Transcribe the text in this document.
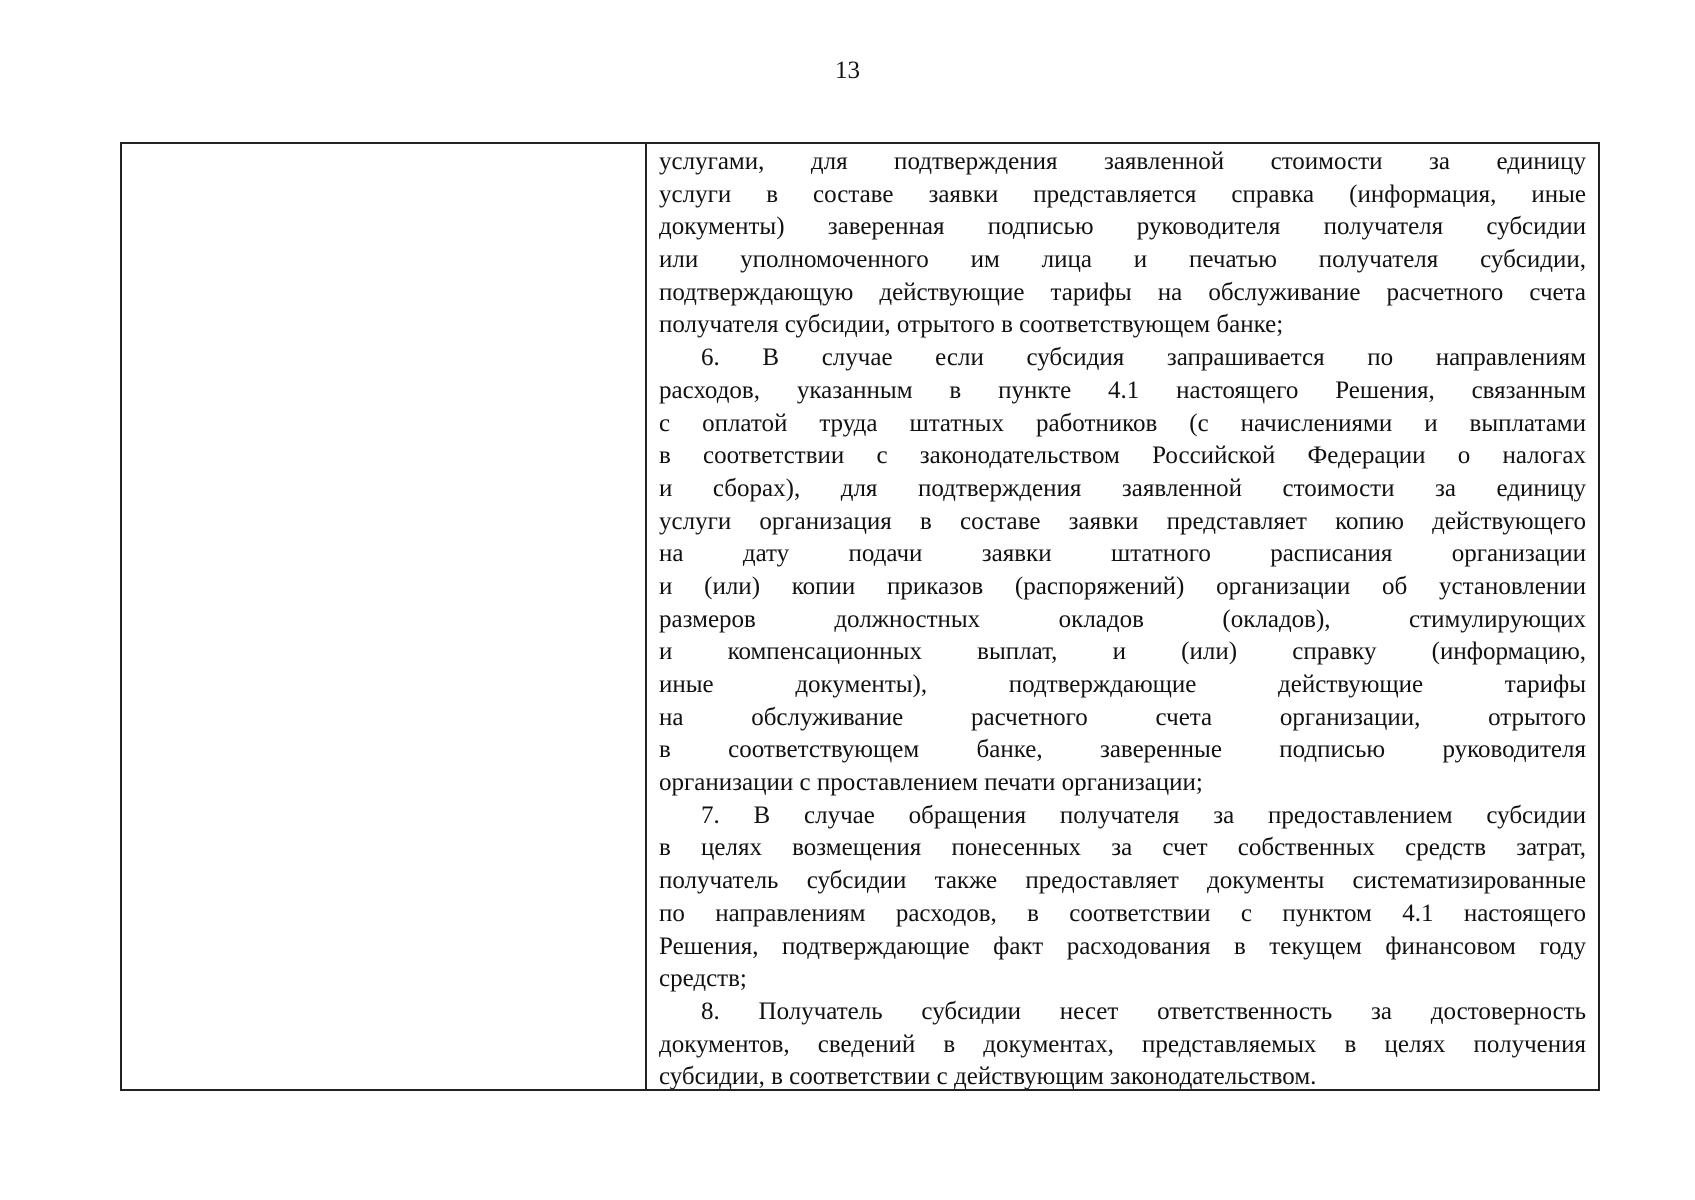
13
услугами, для подтверждения заявленной стоимости за единицу
услуги в составе заявки представляется справка (информация, иные
документы) заверенная подписью руководителя получателя субсидии
или уполномоченного им лица и печатью получателя субсидии,
подтверждающую действующие тарифы на обслуживание расчетного счета
получателя субсидии, отрытого в соответствующем банке;
6. В случае если субсидия запрашивается по направлениям
расходов, указанным в пункте 4.1 настоящего Решения, связанным
с оплатой труда штатных работников (с начислениями и выплатами
в соответствии с законодательством Российской Федерации о налогах
и сборах), для подтверждения заявленной стоимости за единицу
услуги организация в составе заявки представляет копию действующего
на дату подачи заявки штатного расписания организации
и (или) копии приказов (распоряжений) организации об установлении
размеров должностных окладов (окладов), стимулирующих
и компенсационных выплат, и (или) справку (информацию,
иные документы), подтверждающие действующие тарифы
на обслуживание расчетного счета организации, отрытого
в соответствующем банке, заверенные подписью руководителя
организации с проставлением печати организации;
7. В случае обращения получателя за предоставлением субсидии
в целях возмещения понесенных за счет собственных средств затрат,
получатель субсидии также предоставляет документы систематизированные
по направлениям расходов, в соответствии с пунктом 4.1 настоящего
Решения, подтверждающие факт расходования в текущем финансовом году
средств;
8. Получатель субсидии несет ответственность за достоверность
документов, сведений в документах, представляемых в целях получения
субсидии, в соответствии с действующим законодательством.
